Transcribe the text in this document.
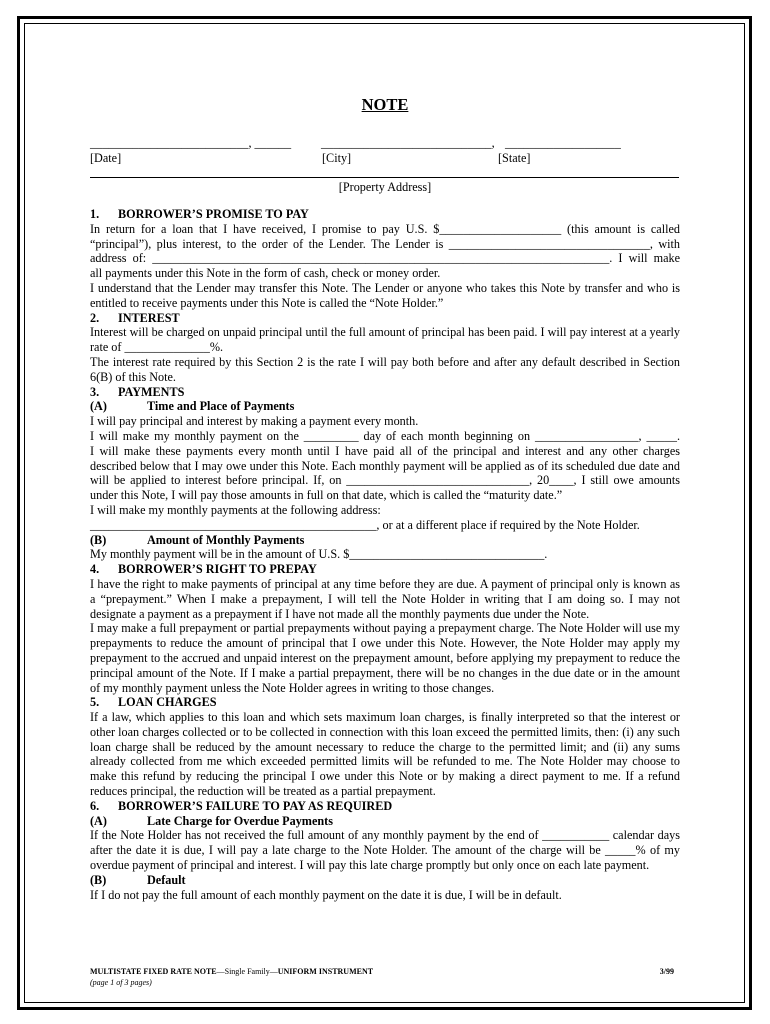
NOTE
__________________________, ______ ____________________________, ___________________
[Date]	[City]	[State]
[Property Address]

1. BORROWER’S PROMISE TO PAY

In return for a loan that I have received, I promise to pay U.S. $____________________ (this amount is called “principal”), plus interest, to the order of the Lender. The Lender is _________________________________, with address of: ___________________________________________________________________________. I will make all payments under this Note in the form of cash, check or money order.

I understand that the Lender may transfer this Note. The Lender or anyone who takes this Note by transfer and who is entitled to receive payments under this Note is called the “Note Holder.”

2. INTEREST

Interest will be charged on unpaid principal until the full amount of principal has been paid. I will pay interest at a yearly rate of ______________%.

The interest rate required by this Section 2 is the rate I will pay both before and after any default described in Section 6(B) of this Note.

3. PAYMENTS

(A)	Time and Place of Payments

I will pay principal and interest by making a payment every month.

I will make my monthly payment on the _________ day of each month beginning on _________________, _____.

I will make these payments every month until I have paid all of the principal and interest and any other charges described below that I may owe under this Note. Each monthly payment will be applied as of its scheduled due date and will be applied to interest before principal. If, on ______________________________, 20____, I still owe amounts under this Note, I will pay those amounts in full on that date, which is called the “maturity date.”

I will make my monthly payments at the following address:

_______________________________________________, or at a different place if required by the Note Holder.

(B)	Amount of Monthly Payments

My monthly payment will be in the amount of U.S. $________________________________.

4. BORROWER’S RIGHT TO PREPAY

I have the right to make payments of principal at any time before they are due. A payment of principal only is known as a “prepayment.” When I make a prepayment, I will tell the Note Holder in writing that I am doing so. I may not designate a payment as a prepayment if I have not made all the monthly payments due under the Note.

I may make a full prepayment or partial prepayments without paying a prepayment charge. The Note Holder will use my prepayments to reduce the amount of principal that I owe under this Note. However, the Note Holder may apply my prepayment to the accrued and unpaid interest on the prepayment amount, before applying my prepayment to reduce the principal amount of the Note. If I make a partial prepayment, there will be no changes in the due date or in the amount of my monthly payment unless the Note Holder agrees in writing to those changes.

5. LOAN CHARGES

If a law, which applies to this loan and which sets maximum loan charges, is finally interpreted so that the interest or other loan charges collected or to be collected in connection with this loan exceed the permitted limits, then: (i) any such loan charge shall be reduced by the amount necessary to reduce the charge to the permitted limit; and (ii) any sums already collected from me which exceeded permitted limits will be refunded to me. The Note Holder may choose to make this refund by reducing the principal I owe under this Note or by making a direct payment to me. If a refund reduces principal, the reduction will be treated as a partial prepayment.

6. BORROWER’S FAILURE TO PAY AS REQUIRED

(A)	Late Charge for Overdue Payments

If the Note Holder has not received the full amount of any monthly payment by the end of ___________ calendar days after the date it is due, I will pay a late charge to the Note Holder. The amount of the charge will be _____% of my overdue payment of principal and interest. I will pay this late charge promptly but only once on each late payment.

(B)	Default

If I do not pay the full amount of each monthly payment on the date it is due, I will be in default.

MULTISTATE FIXED RATE NOTE—Single Family—UNIFORM INSTRUMENT
(page 1 of 3 pages)
3/99
